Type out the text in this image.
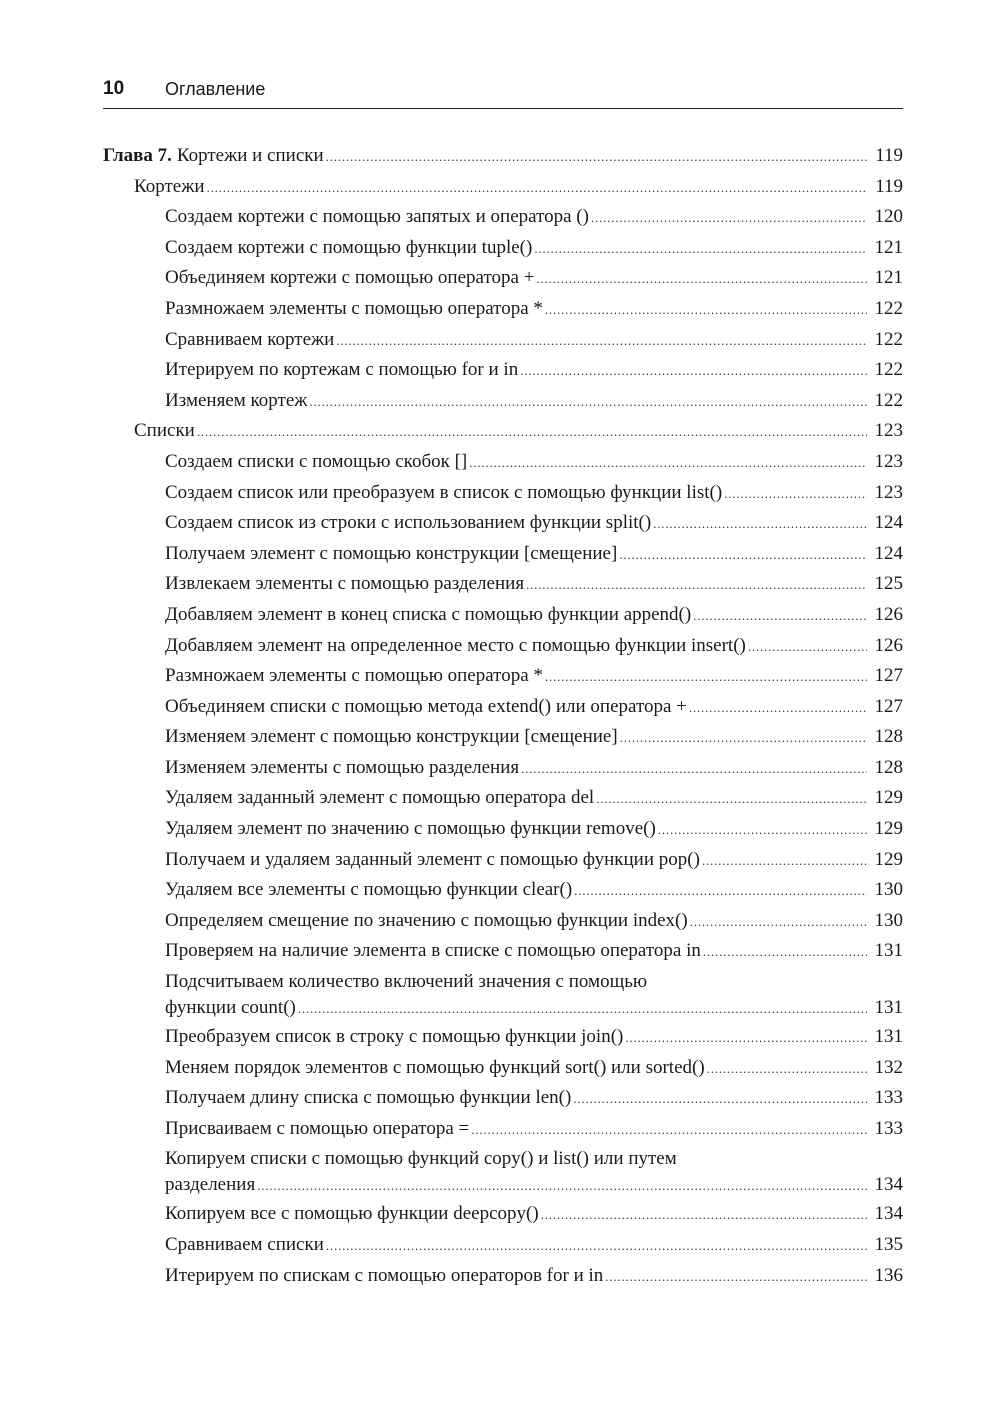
10 Оглавление
Глава 7. Кортежи и списки .....	119
Кортежи .....	119
Создаем кортежи с помощью запятых и оператора () .....	120
Создаем кортежи с помощью функции tuple() .....	121
Объединяем кортежи с помощью оператора + .....	121
Размножаем элементы с помощью оператора * .....	122
Сравниваем кортежи .....	122
Итерируем по кортежам с помощью for и in .....	122
Изменяем кортеж .....	122
Списки .....	123
Создаем списки с помощью скобок [] .....	123
Создаем список или преобразуем в список с помощью функции list() .....	123
Создаем список из строки с использованием функции split() .....	124
Получаем элемент с помощью конструкции [смещение] .....	124
Извлекаем элементы с помощью разделения .....	125
Добавляем элемент в конец списка с помощью функции append() .....	126
Добавляем элемент на определенное место с помощью функции insert() .....	126
Размножаем элементы с помощью оператора * .....	127
Объединяем списки с помощью метода extend() или оператора + .....	127
Изменяем элемент с помощью конструкции [смещение] .....	128
Изменяем элементы с помощью разделения .....	128
Удаляем заданный элемент с помощью оператора del .....	129
Удаляем элемент по значению с помощью функции remove() .....	129
Получаем и удаляем заданный элемент с помощью функции pop() .....	129
Удаляем все элементы с помощью функции clear() .....	130
Определяем смещение по значению с помощью функции index() .....	130
Проверяем на наличие элемента в списке с помощью оператора in .....	131
Подсчитываем количество включений значения с помощью
функции count() .....	131
Преобразуем список в строку с помощью функции join() .....	131
Меняем порядок элементов с помощью функций sort() или sorted() .....	132
Получаем длину списка с помощью функции len() .....	133
Присваиваем с помощью оператора = .....	133
Копируем списки с помощью функций copy() и list() или путем
разделения .....	134
Копируем все с помощью функции deepcopy() .....	134
Сравниваем списки .....	135
Итерируем по спискам с помощью операторов for и in .....	136
